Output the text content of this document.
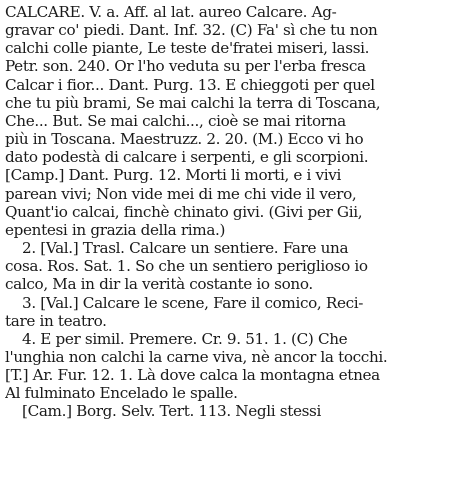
CALCARE. V. a. Aff. al lat. aureo Calcare. Ag-
gravar co' piedi. Dant. Inf. 32. (C) Fa' sì che tu non
calchi colle piante, Le teste de'fratei miseri, lassi.
Petr. son. 240. Or l'ho veduta su per l'erba fresca
Calcar i fior... Dant. Purg. 13. E chieggoti per quel
che tu più brami, Se mai calchi la terra di Toscana,
Che... But. Se mai calchi..., cioè se mai ritorna
più in Toscana. Maestruzz. 2. 20. (M.) Ecco vi ho
dato podestà di calcare i serpenti, e gli scorpioni.
[Camp.] Dant. Purg. 12. Morti li morti, e i vivi
parean vivi; Non vide mei di me chi vide il vero,
Quant'io calcai, finchè chinato givi. (Givi per Gii,
epentesi in grazia della rima.)
2. [Val.] Trasl. Calcare un sentiere. Fare una
cosa. Ros. Sat. 1. So che un sentiero periglioso io
calco, Ma in dir la verità costante io sono.
3. [Val.] Calcare le scene, Fare il comico, Reci-
tare in teatro.
4. E per simil. Premere. Cr. 9. 51. 1. (C) Che
l'unghia non calchi la carne viva, nè ancor la tocchi.
[T.] Ar. Fur. 12. 1. Là dove calca la montagna etnea
Al fulminato Encelado le spalle.
[Cam.] Borg. Selv. Tert. 113. Negli stessi
